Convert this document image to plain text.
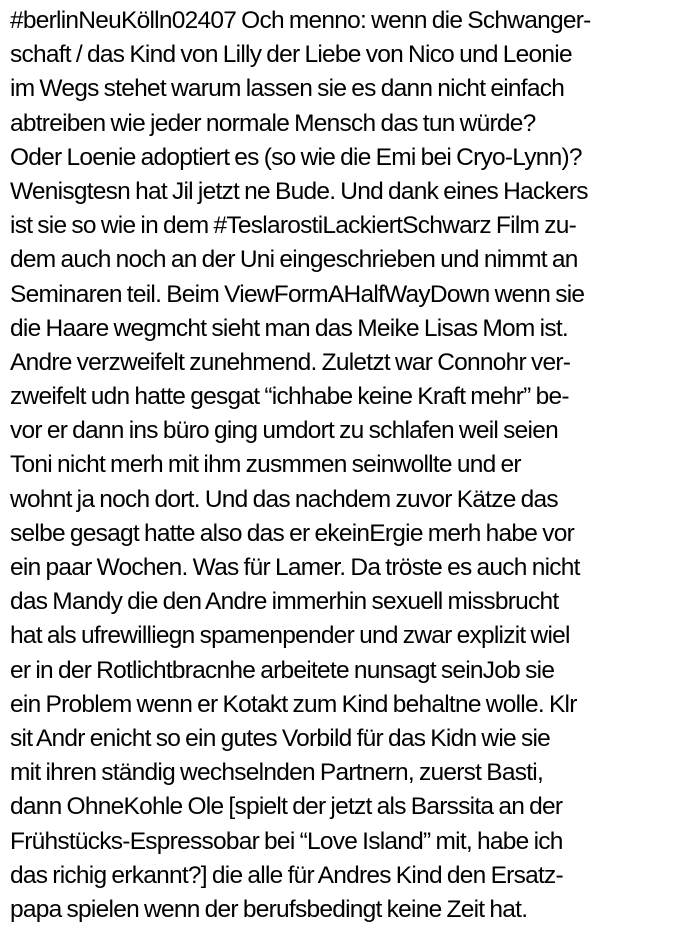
#berlinNeuKölln02407 Och menno: wenn die Schwanger-
schaft / das Kind von Lilly der Liebe von Nico und Leonie
im Wegs stehet warum lassen sie es dann nicht einfach
abtreiben wie jeder normale Mensch das tun würde?
Oder Loenie adoptiert es (so wie die Emi bei Cryo-Lynn)?
Wenisgtesn hat Jil jetzt ne Bude. Und dank eines Hackers
ist sie so wie in dem #TeslarostiLackiertSchwarz Film zu-
dem auch noch an der Uni eingeschrieben und nimmt an
Seminaren teil. Beim ViewFormAHalfWayDown wenn sie
die Haare wegmcht sieht man das Meike Lisas Mom ist.
Andre verzweifelt zunehmend. Zuletzt war Connohr ver-
zweifelt udn hatte gesgat “ichhabe keine Kraft mehr” be-
vor er dann ins büro ging umdort zu schlafen weil seien
Toni nicht merh mit ihm zusmmen seinwollte und er
wohnt ja noch dort. Und das nachdem zuvor Kätze das
selbe gesagt hatte also das er ekeinErgie merh habe vor
ein paar Wochen. Was für Lamer. Da tröste es auch nicht
das Mandy die den Andre immerhin sexuell missbrucht
hat als ufrewilliegn spamenpender und zwar explizit wiel
er in der Rotlichtbracnhe arbeitete nunsagt seinJob sie
ein Problem wenn er Kotakt zum Kind behaltne wolle. Klr
sit Andr enicht so ein gutes Vorbild für das Kidn wie sie
mit ihren ständig wechselnden Partnern, zuerst Basti,
dann OhneKohle Ole [spielt der jetzt als Barssita an der
Frühstücks-Espressobar bei “Love Island” mit, habe ich
das richig erkannt?] die alle für Andres Kind den Ersatz-
papa spielen wenn der berufsbedingt keine Zeit hat.
